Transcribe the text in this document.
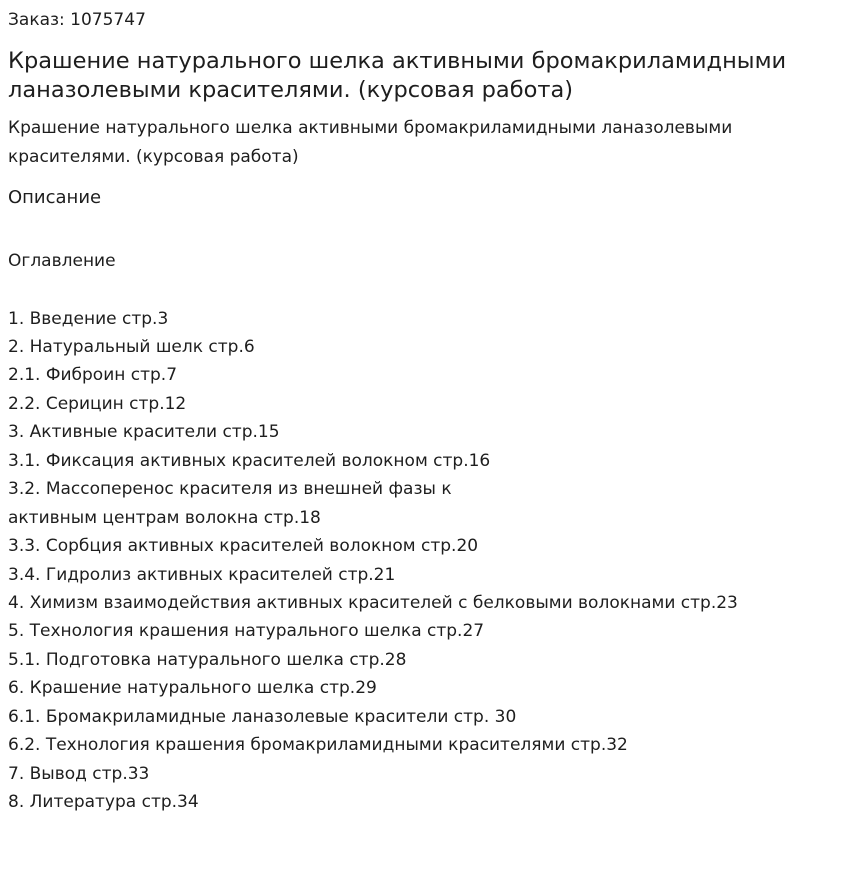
Заказ: 1075747
Крашение натурального шелка активными бромакриламидными ланазолевыми красителями. (курсовая работа)
Крашение натурального шелка активными бромакриламидными ланазолевыми красителями. (курсовая работа)
Описание
Оглавление
1. Введение стр.3
2. Натуральный шелк стр.6
2.1. Фиброин стр.7
2.2. Серицин стр.12
3. Активные красители стр.15
3.1. Фиксация активных красителей волокном стр.16
3.2. Массоперенос красителя из внешней фазы к
активным центрам волокна стр.18
3.3. Сорбция активных красителей волокном стр.20
3.4. Гидролиз активных красителей стр.21
4. Химизм взаимодействия активных красителей с белковыми волокнами стр.23
5. Технология крашения натурального шелка стр.27
5.1. Подготовка натурального шелка стр.28
6. Крашение натурального шелка стр.29
6.1. Бромакриламидные ланазолевые красители стр. 30
6.2. Технология крашения бромакриламидными красителями стр.32
7. Вывод стр.33
8. Литература стр.34
